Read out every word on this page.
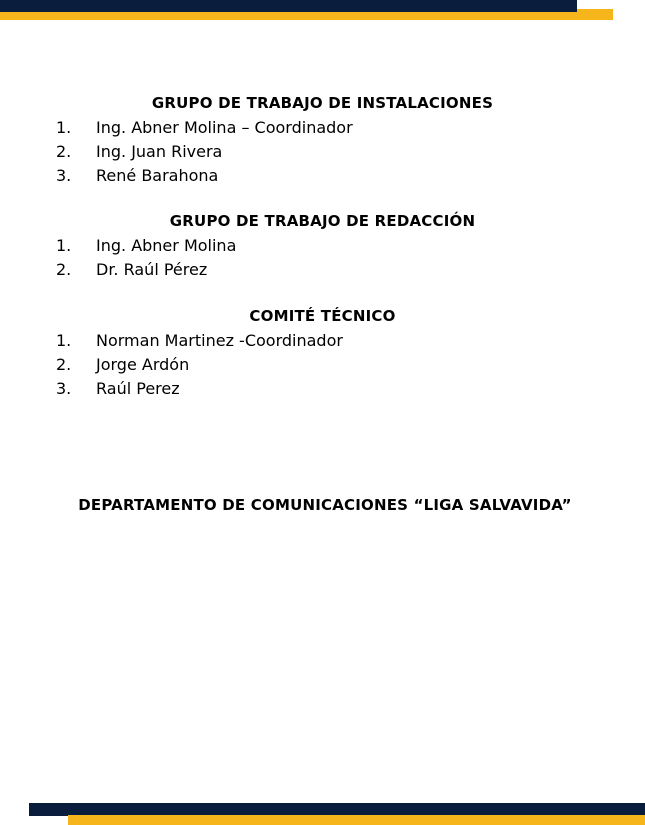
GRUPO DE TRABAJO DE INSTALACIONES
1. Ing. Abner Molina – Coordinador
2. Ing. Juan Rivera
3. René Barahona
GRUPO DE TRABAJO DE REDACCIÓN
1. Ing. Abner Molina
2. Dr. Raúl Pérez
COMITÉ TÉCNICO
1. Norman Martinez -Coordinador
2. Jorge Ardón
3. Raúl Perez
DEPARTAMENTO DE COMUNICACIONES “LIGA SALVAVIDA”
